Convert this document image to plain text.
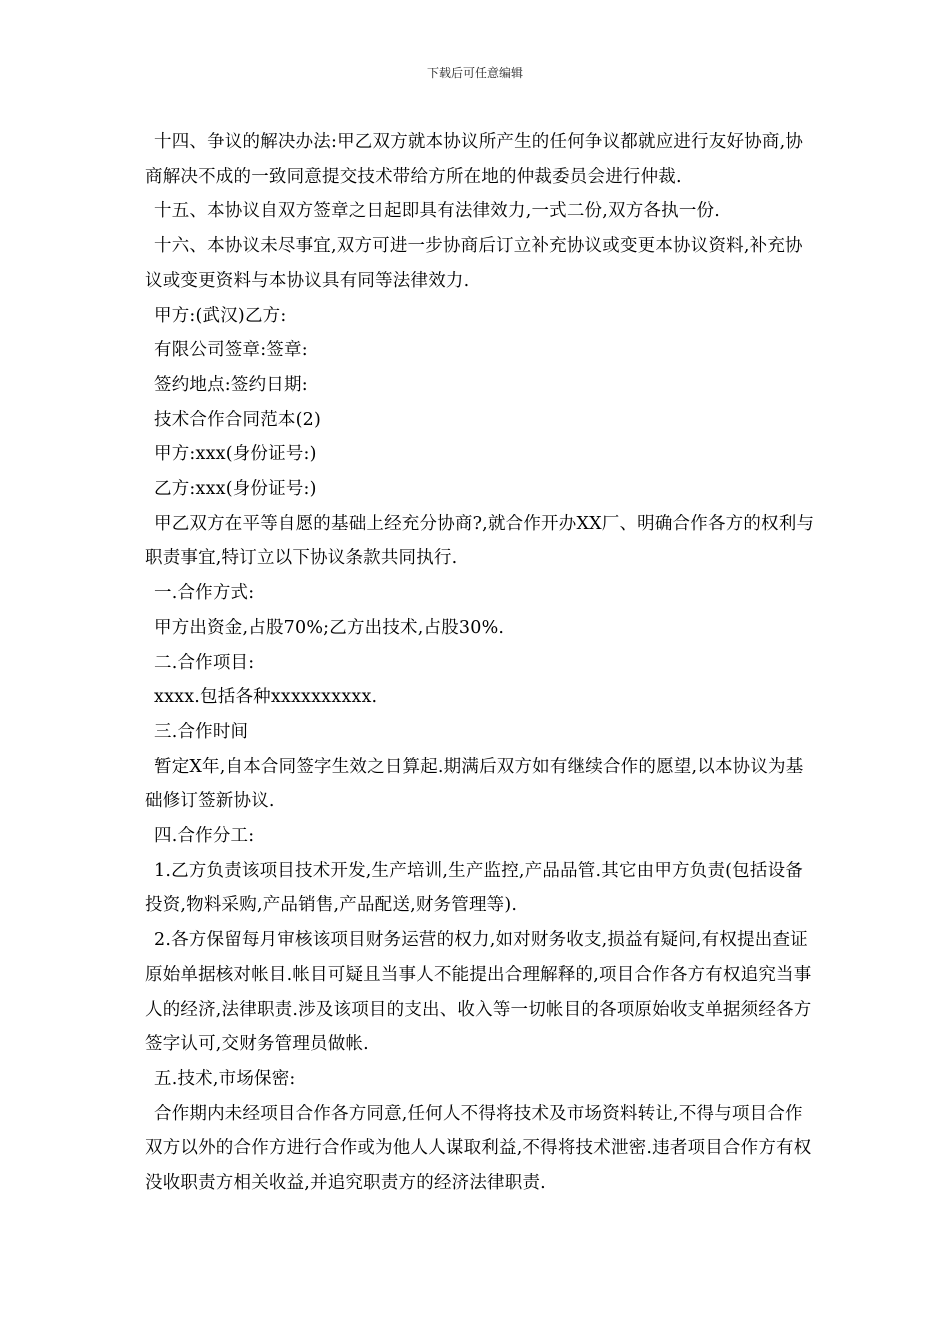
下载后可任意编辑

十四、争议的解决办法:甲乙双方就本协议所产生的任何争议都就应进行友好协商,协商解决不成的一致同意提交技术带给方所在地的仲裁委员会进行仲裁.

十五、本协议自双方签章之日起即具有法律效力,一式二份,双方各执一份.

十六、本协议未尽事宜,双方可进一步协商后订立补充协议或变更本协议资料,补充协议或变更资料与本协议具有同等法律效力.

甲方:(武汉)乙方:

有限公司签章:签章:

签约地点:签约日期:

技术合作合同范本(2)

甲方:xxx(身份证号:)

乙方:xxx(身份证号:)

甲乙双方在平等自愿的基础上经充分协商?,就合作开办XX厂、明确合作各方的权利与职责事宜,特订立以下协议条款共同执行.

一.合作方式:

甲方出资金,占股70%;乙方出技术,占股30%.

二.合作项目:

xxxx.包括各种xxxxxxxxxx.

三.合作时间

暂定X年,自本合同签字生效之日算起.期满后双方如有继续合作的愿望,以本协议为基础修订签新协议.

四.合作分工:

1.乙方负责该项目技术开发,生产培训,生产监控,产品品管.其它由甲方负责(包括设备投资,物料采购,产品销售,产品配送,财务管理等).

2.各方保留每月审核该项目财务运营的权力,如对财务收支,损益有疑问,有权提出查证原始单据核对帐目.帐目可疑且当事人不能提出合理解释的,项目合作各方有权追究当事人的经济,法律职责.涉及该项目的支出、收入等一切帐目的各项原始收支单据须经各方签字认可,交财务管理员做帐.

五.技术,市场保密:

合作期内未经项目合作各方同意,任何人不得将技术及市场资料转让,不得与项目合作双方以外的合作方进行合作或为他人人谋取利益,不得将技术泄密.违者项目合作方有权没收职责方相关收益,并追究职责方的经济法律职责.
